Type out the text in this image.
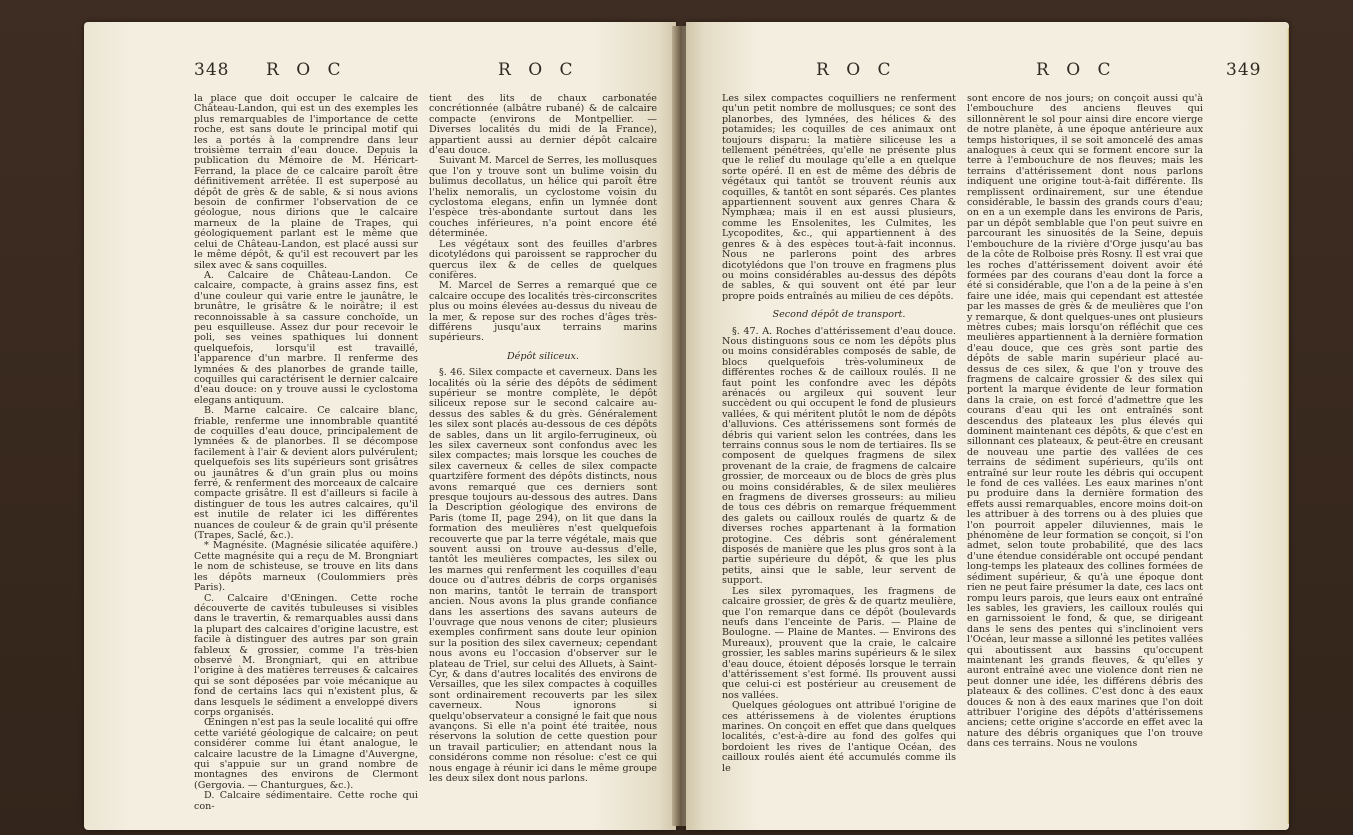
348 R O C	R O C

la place que doit occuper le calcaire de Château-Landon, qui est un des exemples les plus remarquables de l'importance de cette roche, est sans doute le principal motif qui les a portés à la comprendre dans leur troisième terrain d'eau douce. Depuis la publication du Mémoire de M. Héricart-Ferrand, la place de ce calcaire paroît être définitivement arrêtée. Il est superposé au dépôt de grès & de sable, & si nous avions besoin de confirmer l'observation de ce géologue, nous dirions que le calcaire marneux de la plaine de Trapes, qui géologiquement parlant est le même que celui de Château-Landon, est placé aussi sur le même dépôt, & qu'il est recouvert par les silex avec & sans coquilles.

A. Calcaire de Château-Landon. Ce calcaire, compacte, à grains assez fins, est d'une couleur qui varie entre le jaunâtre, le brunâtre, le grisâtre & le noirâtre; il est reconnoissable à sa cassure conchoïde, un peu esquilleuse. Assez dur pour recevoir le poli, ses veines spathiques lui donnent quelquefois, lorsqu'il est travaillé, l'apparence d'un marbre. Il renferme des lymnées & des planorbes de grande taille, coquilles qui caractérisent le dernier calcaire d'eau douce: on y trouve aussi le cyclostoma elegans antiquum.

B. Marne calcaire. Ce calcaire blanc, friable, renferme une innombrable quantité de coquilles d'eau douce, principalement de lymnées & de planorbes. Il se décompose facilement à l'air & devient alors pulvérulent; quelquefois ses lits supérieurs sont grisâtres ou jaunâtres & d'un grain plus ou moins ferré, & renferment des morceaux de calcaire compacte grisâtre. Il est d'ailleurs si facile à distinguer de tous les autres calcaires, qu'il est inutile de relater ici les différentes nuances de couleur & de grain qu'il présente (Trapes, Saclé, &c.).

* Magnésite. (Magnésie silicatée aquifère.) Cette magnésite qui a reçu de M. Brongniart le nom de schisteuse, se trouve en lits dans les dépôts marneux (Coulommiers près Paris).

C. Calcaire d'Œningen. Cette roche découverte de cavités tubuleuses si visibles dans le travertin, & remarquables aussi dans la plupart des calcaires d'origine lacustre, est facile à distinguer des autres par son grain fableux & grossier, comme l'a très-bien observé M. Brongniart, qui en attribue l'origine à des matières terreuses & calcaires qui se sont déposées par voie mécanique au fond de certains lacs qui n'existent plus, & dans lesquels le sédiment a enveloppé divers corps organisés.

Œningen n'est pas la seule localité qui offre cette variété géologique de calcaire; on peut considérer comme lui étant analogue, le calcaire lacustre de la Limagne d'Auvergne, qui s'appuie sur un grand nombre de montagnes des environs de Clermont (Gergovia. — Chanturgues, &c.).

D. Calcaire sédimentaire. Cette roche qui con-

tient des lits de chaux carbonatée concrétionnée (albâtre rubané) & de calcaire compacte (environs de Montpellier. — Diverses localités du midi de la France), appartient aussi au dernier dépôt calcaire d'eau douce.

Suivant M. Marcel de Serres, les mollusques que l'on y trouve sont un bulime voisin du bulimus decollatus, un hélice qui paroît être l'helix nemoralis, un cyclostome voisin du cyclostoma elegans, enfin un lymnée dont l'espèce très-abondante surtout dans les couches inférieures, n'a point encore été déterminée.

Les végétaux sont des feuilles d'arbres dicotylédons qui paroissent se rapprocher du quercus ilex & de celles de quelques conifères.

M. Marcel de Serres a remarqué que ce calcaire occupe des localités très-circonscrites plus ou moins élevées au-dessus du niveau de la mer, & repose sur des roches d'âges très-différens jusqu'aux terrains marins supérieurs.

Dépôt siliceux.

§. 46. Silex compacte et caverneux. Dans les localités où la série des dépôts de sédiment supérieur se montre complète, le dépôt siliceux repose sur le second calcaire au-dessus des sables & du grès. Généralement les silex sont placés au-dessous de ces dépôts de sables, dans un lit argilo-ferrugineux, où les silex caverneux sont confondus avec les silex compactes; mais lorsque les couches de silex caverneux & celles de silex compacte quartzifère forment des dépôts distincts, nous avons remarqué que ces derniers sont presque toujours au-dessous des autres. Dans la Description géologique des environs de Paris (tome II, page 294), on lit que dans la formation des meulières n'est quelquefois recouverte que par la terre végétale, mais que souvent aussi on trouve au-dessus d'elle, tantôt les meulières compactes, les silex ou les marnes qui renferment les coquilles d'eau douce ou d'autres débris de corps organisés non marins, tantôt le terrain de transport ancien. Nous avons la plus grande confiance dans les assertions des savans auteurs de l'ouvrage que nous venons de citer; plusieurs exemples confirment sans doute leur opinion sur la position des silex caverneux; cependant nous avons eu l'occasion d'observer sur le plateau de Triel, sur celui des Alluets, à Saint-Cyr, & dans d'autres localités des environs de Versailles, que les silex compactes à coquilles sont ordinairement recouverts par les silex caverneux. Nous ignorons si quelqu'observateur a consigné le fait que nous avançons. Si elle n'a point été traitée, nous réservons la solution de cette question pour un travail particulier; en attendant nous la considérons comme non résolue: c'est ce qui nous engage à réunir ici dans le même groupe les deux silex dont nous parlons.

R O C	R O C	349

Les silex compactes coquilliers ne renferment qu'un petit nombre de mollusques; ce sont des planorbes, des lymnées, des hélices & des potamides; les coquilles de ces animaux ont toujours disparu: la matière siliceuse les a tellement pénétrées, qu'elle ne présente plus que le relief du moulage qu'elle a en quelque sorte opéré. Il en est de même des débris de végétaux qui tantôt se trouvent réunis aux coquilles, & tantôt en sont séparés. Ces plantes appartiennent souvent aux genres Chara & Nymphæa; mais il en est aussi plusieurs, comme les Ensolenites, les Culmites, les Lycopodites, &c., qui appartiennent à des genres & à des espèces tout-à-fait inconnus. Nous ne parlerons point des arbres dicotylédons que l'on trouve en fragmens plus ou moins considérables au-dessus des dépôts de sables, & qui souvent ont été par leur propre poids entraînés au milieu de ces dépôts.

Second dépôt de transport.

§. 47. A. Roches d'attérissement d'eau douce. Nous distinguons sous ce nom les dépôts plus ou moins considérables composés de sable, de blocs quelquefois très-volumineux de différentes roches & de cailloux roulés. Il ne faut point les confondre avec les dépôts arénacés ou argileux qui souvent leur succèdent ou qui occupent le fond de plusieurs vallées, & qui méritent plutôt le nom de dépôts d'alluvions. Ces attérissemens sont formés de débris qui varient selon les contrées, dans les terrains connus sous le nom de tertiaires. Ils se composent de quelques fragmens de silex provenant de la craie, de fragmens de calcaire grossier, de morceaux ou de blocs de grès plus ou moins considérables, & de silex meulières en fragmens de diverses grosseurs: au milieu de tous ces débris on remarque fréquemment des galets ou cailloux roulés de quartz & de diverses roches appartenant à la formation protogine. Ces débris sont généralement disposés de manière que les plus gros sont à la partie supérieure du dépôt, & que les plus petits, ainsi que le sable, leur servent de support.

Les silex pyromaques, les fragmens de calcaire grossier, de grès & de quartz meulière, que l'on remarque dans ce dépôt (boulevards neufs dans l'enceinte de Paris. — Plaine de Boulogne. — Plaine de Mantes. — Environs des Mureaux), prouvent que la craie, le calcaire grossier, les sables marins supérieurs & le silex d'eau douce, étoient déposés lorsque le terrain d'attérissement s'est formé. Ils prouvent aussi que celui-ci est postérieur au creusement de nos vallées.

Quelques géologues ont attribué l'origine de ces attérissemens à de violentes éruptions marines. On conçoit en effet que dans quelques localités, c'est-à-dire au fond des golfes qui bordoient les rives de l'antique Océan, des cailloux roulés aient été accumulés comme ils le

sont encore de nos jours; on conçoit aussi qu'à l'embouchure des anciens fleuves qui sillonnèrent le sol pour ainsi dire encore vierge de notre planète, à une époque antérieure aux temps historiques, il se soit amoncelé des amas analogues à ceux qui se forment encore sur la terre à l'embouchure de nos fleuves; mais les terrains d'attérissement dont nous parlons indiquent une origine tout-à-fait différente. Ils remplissent ordinairement, sur une étendue considérable, le bassin des grands cours d'eau; on en a un exemple dans les environs de Paris, par un dépôt semblable que l'on peut suivre en parcourant les sinuosités de la Seine, depuis l'embouchure de la rivière d'Orge jusqu'au bas de la côte de Rolboise près Rosny. Il est vrai que les roches d'attérissement doivent avoir été formées par des courans d'eau dont la force a été si considérable, que l'on a de la peine à s'en faire une idée, mais qui cependant est attestée par les masses de grès & de meulières que l'on y remarque, & dont quelques-unes ont plusieurs mètres cubes; mais lorsqu'on réfléchit que ces meulières appartiennent à la dernière formation d'eau douce, que ces grès sont partie des dépôts de sable marin supérieur placé au-dessus de ces silex, & que l'on y trouve des fragmens de calcaire grossier & des silex qui portent la marque évidente de leur formation dans la craie, on est forcé d'admettre que les courans d'eau qui les ont entraînés sont descendus des plateaux les plus élevés qui dominent maintenant ces dépôts, & que c'est en sillonnant ces plateaux, & peut-être en creusant de nouveau une partie des vallées de ces terrains de sédiment supérieurs, qu'ils ont entraîné sur leur route les débris qui occupent le fond de ces vallées. Les eaux marines n'ont pu produire dans la dernière formation des effets aussi remarquables, encore moins doit-on les attribuer à des torrens ou à des pluies que l'on pourroit appeler diluviennes, mais le phénomène de leur formation se conçoit, si l'on admet, selon toute probabilité, que des lacs d'une étendue considérable ont occupé pendant long-temps les plateaux des collines formées de sédiment supérieur, & qu'à une époque dont rien ne peut faire présumer la date, ces lacs ont rompu leurs parois, que leurs eaux ont entraîné les sables, les graviers, les cailloux roulés qui en garnissoient le fond, & que, se dirigeant dans le sens des pentes qui s'inclinoient vers l'Océan, leur masse a sillonné les petites vallées qui aboutissent aux bassins qu'occupent maintenant les grands fleuves, & qu'elles y auront entraîné avec une violence dont rien ne peut donner une idée, les différens débris des plateaux & des collines. C'est donc à des eaux douces & non à des eaux marines que l'on doit attribuer l'origine des dépôts d'attérissemens anciens; cette origine s'accorde en effet avec la nature des débris organiques que l'on trouve dans ces terrains. Nous ne voulons
